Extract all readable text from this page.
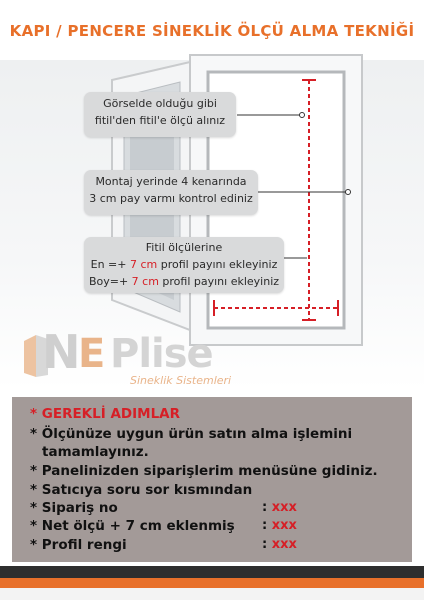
KAPI / PENCERE SİNEKLİK ÖLÇÜ ALMA TEKNİĞİ
Görselde olduğu gibi
fitil'den fitil'e ölçü alınız
Montaj yerinde 4 kenarında
3 cm pay varmı kontrol ediniz
Fitil ölçülerine
En =+ 7 cm profil payını ekleyiniz
Boy=+ 7 cm profil payını ekleyiniz
N E Plise
Sineklik Sistemleri
* GEREKLİ ADIMLAR
* Ölçünüze uygun ürün satın alma işlemini
tamamlayınız.
* Panelinizden siparişlerim menüsüne gidiniz.
* Satıcıya soru sor kısmından
* Sipariş no	: xxx
* Net ölçü + 7 cm eklenmiş : xxx
* Profil rengi	: xxx
